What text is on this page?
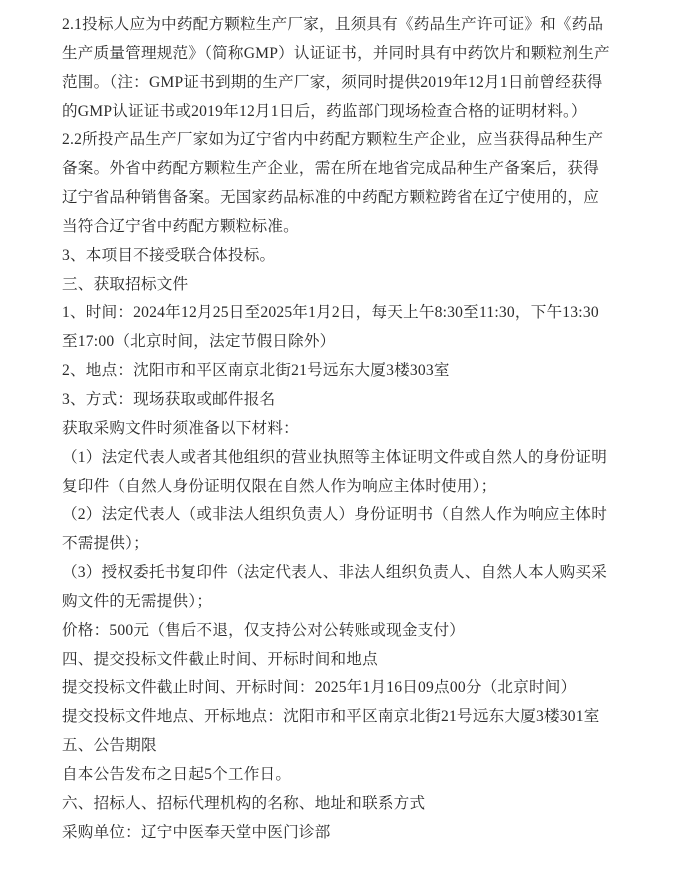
2.1投标人应为中药配方颗粒生产厂家，且须具有《药品生产许可证》和《药品
生产质量管理规范》（简称GMP）认证证书，并同时具有中药饮片和颗粒剂生产
范围。（注：GMP证书到期的生产厂家，须同时提供2019年12月1日前曾经获得
的GMP认证证书或2019年12月1日后，药监部门现场检查合格的证明材料。）
2.2所投产品生产厂家如为辽宁省内中药配方颗粒生产企业，应当获得品种生产
备案。外省中药配方颗粒生产企业，需在所在地省完成品种生产备案后，获得
辽宁省品种销售备案。无国家药品标准的中药配方颗粒跨省在辽宁使用的，应
当符合辽宁省中药配方颗粒标准。
3、本项目不接受联合体投标。
三、获取招标文件
1、时间：2024年12月25日至2025年1月2日，每天上午8:30至11:30，下午13:30
至17:00（北京时间，法定节假日除外）
2、地点：沈阳市和平区南京北街21号远东大厦3楼303室
3、方式：现场获取或邮件报名
获取采购文件时须准备以下材料：
（1）法定代表人或者其他组织的营业执照等主体证明文件或自然人的身份证明
复印件（自然人身份证明仅限在自然人作为响应主体时使用）；
（2）法定代表人（或非法人组织负责人）身份证明书（自然人作为响应主体时
不需提供）；
（3）授权委托书复印件（法定代表人、非法人组织负责人、自然人本人购买采
购文件的无需提供）；
价格：500元（售后不退，仅支持公对公转账或现金支付）
四、提交投标文件截止时间、开标时间和地点
提交投标文件截止时间、开标时间：2025年1月16日09点00分（北京时间）
提交投标文件地点、开标地点：沈阳市和平区南京北街21号远东大厦3楼301室
五、公告期限
自本公告发布之日起5个工作日。
六、招标人、招标代理机构的名称、地址和联系方式
采购单位：辽宁中医奉天堂中医门诊部
